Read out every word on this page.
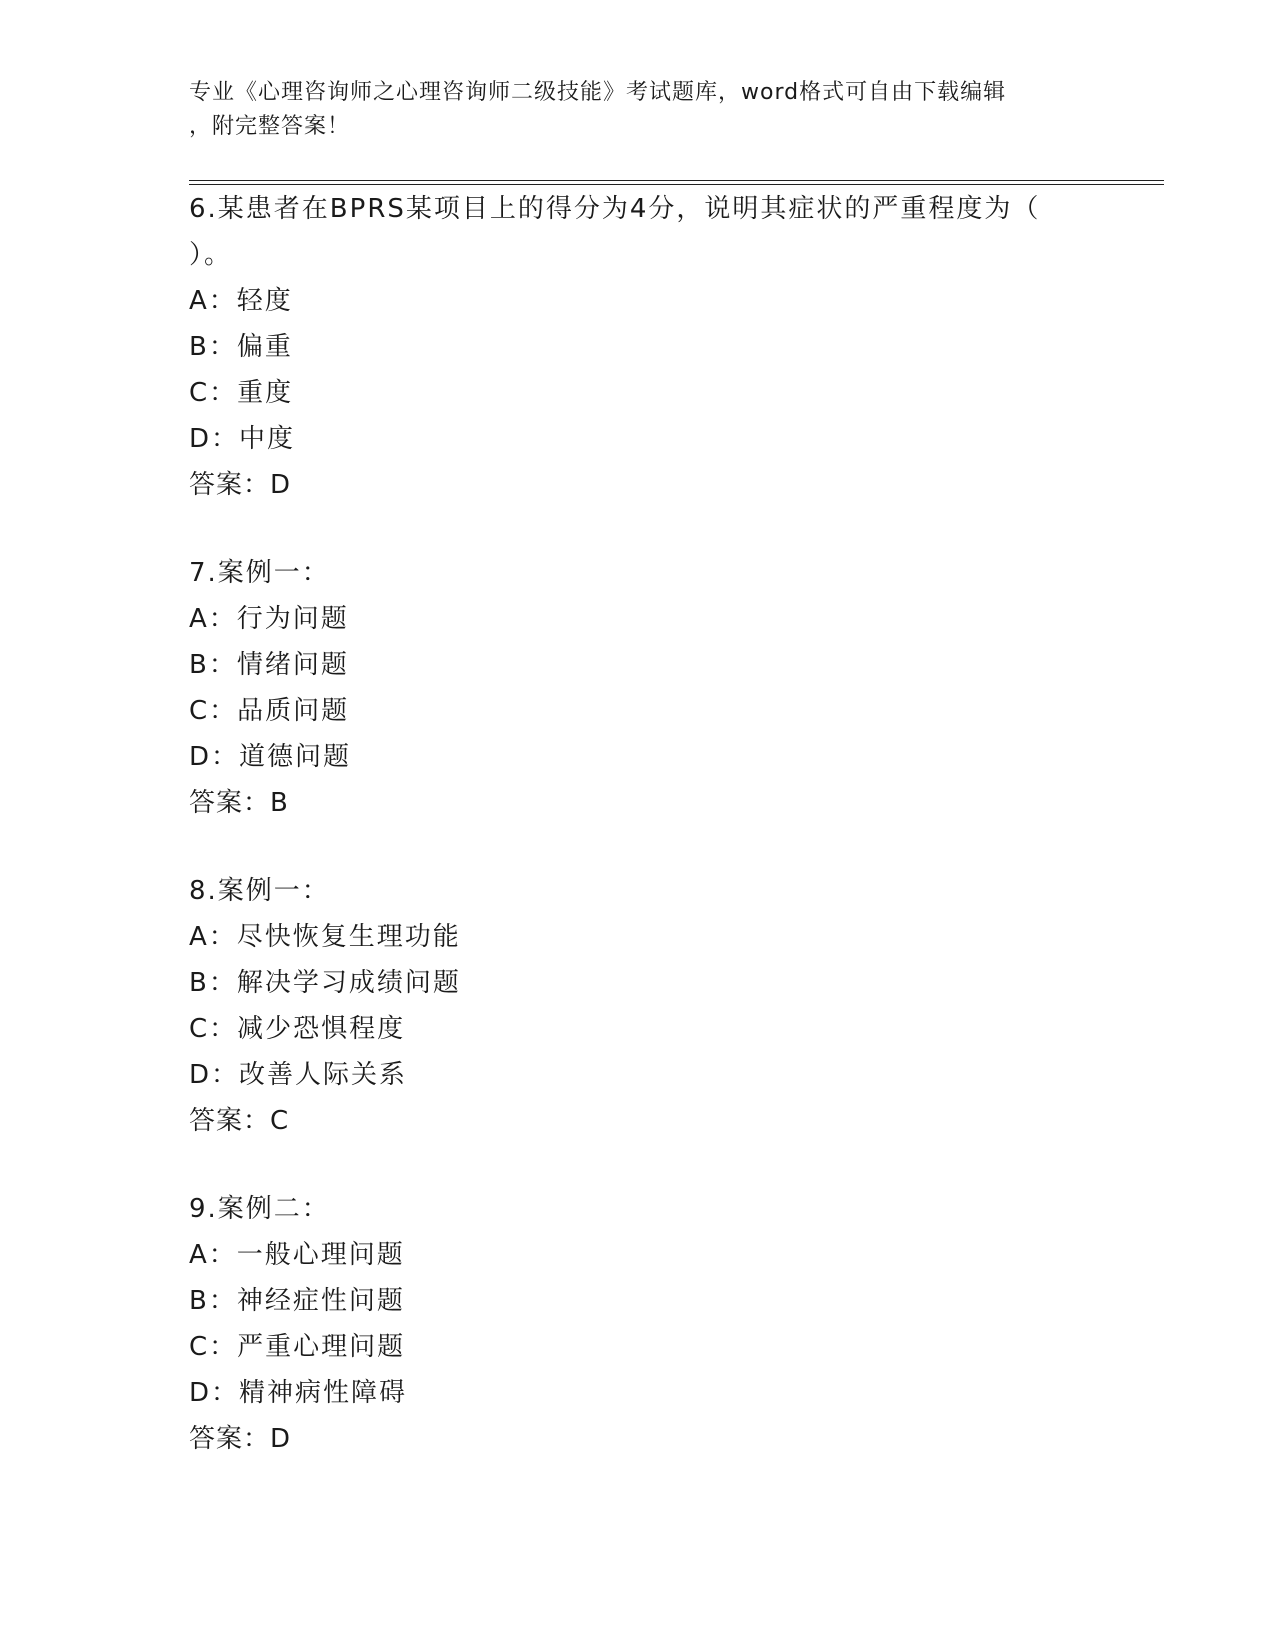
专业《心理咨询师之心理咨询师二级技能》考试题库，word格式可自由下载编辑
，附完整答案！
6.某患者在BPRS某项目上的得分为4分，说明其症状的严重程度为（
）。
A：轻度
B：偏重
C：重度
D：中度
答案：D
7.案例一：
A：行为问题
B：情绪问题
C：品质问题
D：道德问题
答案：B
8.案例一：
A：尽快恢复生理功能
B：解决学习成绩问题
C：减少恐惧程度
D：改善人际关系
答案：C
9.案例二：
A：一般心理问题
B：神经症性问题
C：严重心理问题
D：精神病性障碍
答案：D
